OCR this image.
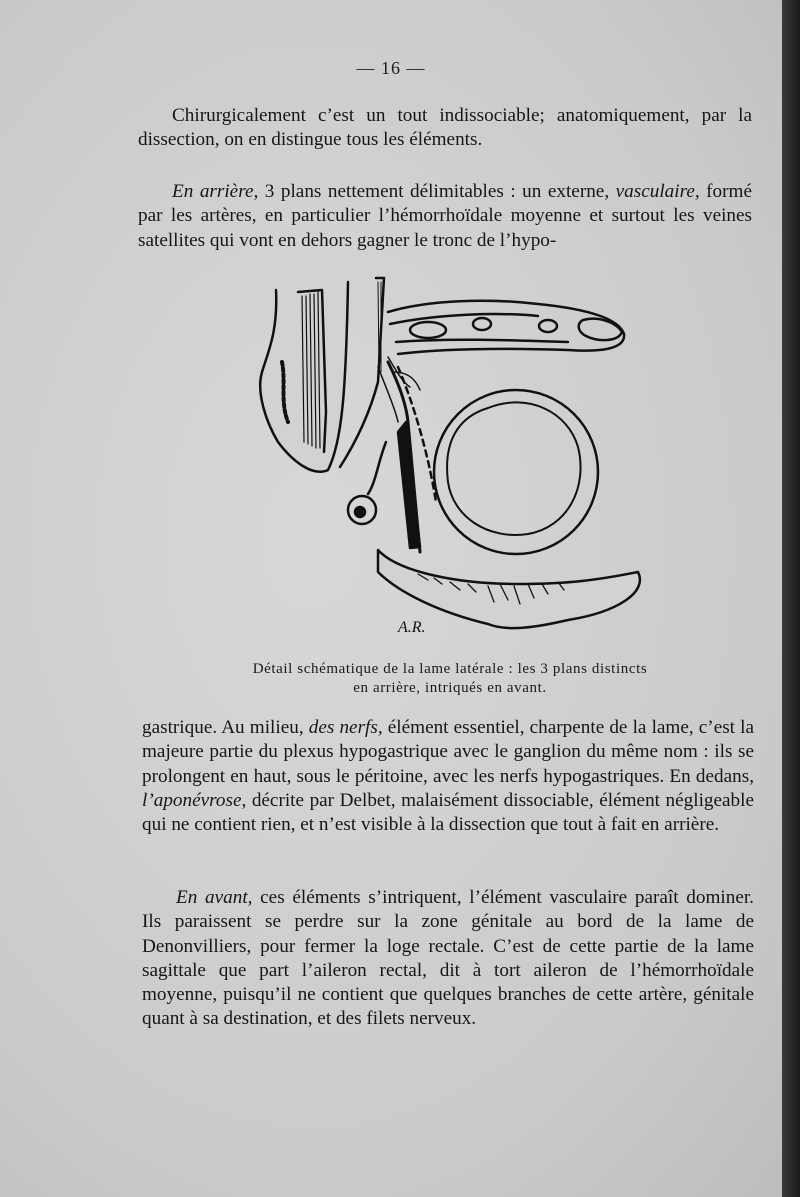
— 16 —
Chirurgicalement c’est un tout indissociable; anatomiquement, par la dissection, on en distingue tous les éléments.
En arrière, 3 plans nettement délimitables : un externe, vasculaire, formé par les artères, en particulier l’hémorrhoïdale moyenne et surtout les veines satellites qui vont en dehors gagner le tronc de l’hypo-
A.R.
Détail schématique de la lame latérale : les 3 plans distincts
en arrière, intriqués en avant.
gastrique. Au milieu, des nerfs, élément essentiel, charpente de la lame, c’est la majeure partie du plexus hypogastrique avec le ganglion du même nom : ils se prolongent en haut, sous le péritoine, avec les nerfs hypogastriques. En dedans, l’aponévrose, décrite par Delbet, malaisément dissociable, élément négligeable qui ne contient rien, et n’est visible à la dissection que tout à fait en arrière.
En avant, ces éléments s’intriquent, l’élément vasculaire paraît dominer. Ils paraissent se perdre sur la zone génitale au bord de la lame de Denonvilliers, pour fermer la loge rectale. C’est de cette partie de la lame sagittale que part l’aileron rectal, dit à tort aileron de l’hémorrhoïdale moyenne, puisqu’il ne contient que quelques branches de cette artère, génitale quant à sa destination, et des filets nerveux.
